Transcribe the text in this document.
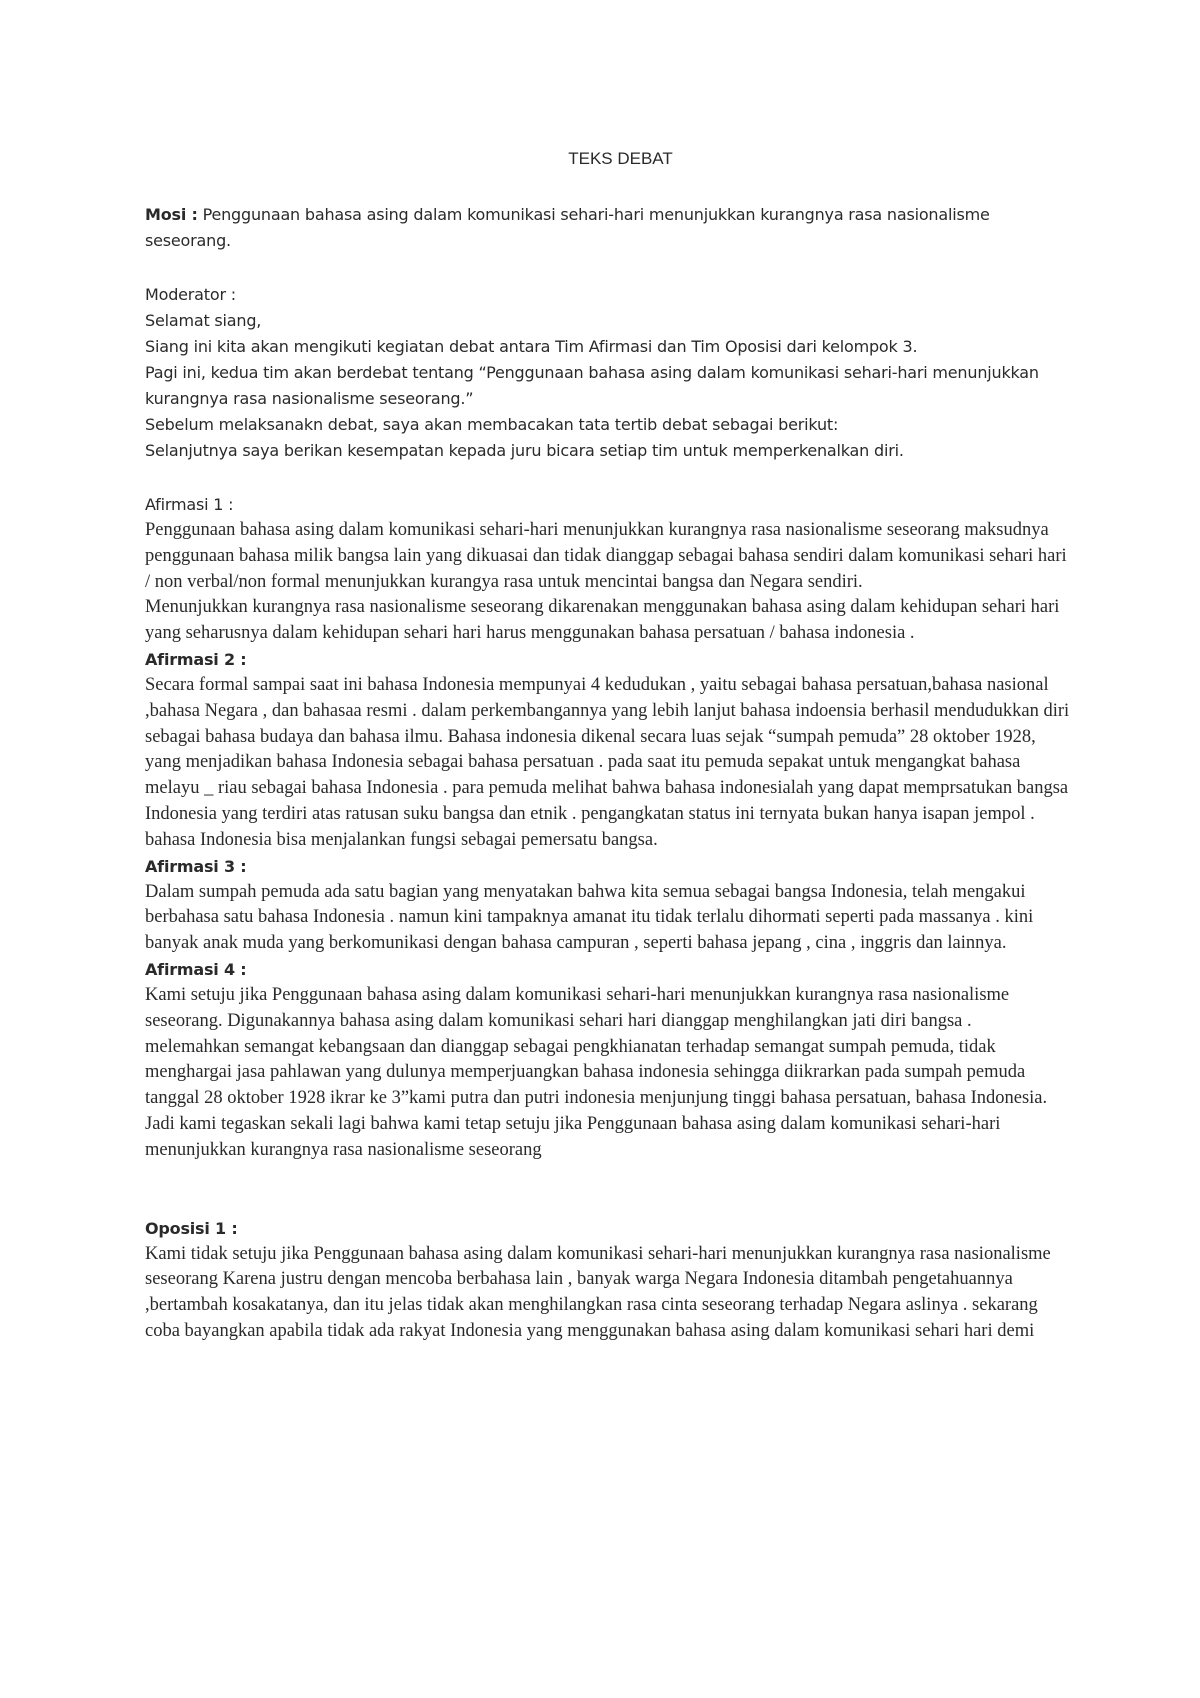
TEKS DEBAT

Mosi : Penggunaan bahasa asing dalam komunikasi sehari-hari menunjukkan kurangnya rasa nasionalisme seseorang.

Moderator :

Selamat siang,

Siang ini kita akan mengikuti kegiatan debat antara Tim Afirmasi dan Tim Oposisi dari kelompok 3.

Pagi ini, kedua tim akan berdebat tentang “Penggunaan bahasa asing dalam komunikasi sehari-hari menunjukkan kurangnya rasa nasionalisme seseorang.”

Sebelum melaksanakn debat, saya akan membacakan tata tertib debat sebagai berikut:

Selanjutnya saya berikan kesempatan kepada juru bicara setiap tim untuk memperkenalkan diri.

Afirmasi 1 :

Penggunaan bahasa asing dalam komunikasi sehari-hari menunjukkan kurangnya rasa nasionalisme seseorang maksudnya penggunaan bahasa milik bangsa lain yang dikuasai dan tidak dianggap sebagai bahasa sendiri dalam komunikasi sehari hari / non verbal/non formal menunjukkan kurangya rasa untuk mencintai bangsa dan Negara sendiri.

Menunjukkan kurangnya rasa nasionalisme seseorang dikarenakan menggunakan bahasa asing dalam kehidupan sehari hari yang seharusnya dalam kehidupan sehari hari harus menggunakan bahasa persatuan / bahasa indonesia .

Afirmasi 2 :

Secara formal sampai saat ini bahasa Indonesia mempunyai 4 kedudukan , yaitu sebagai bahasa persatuan,bahasa nasional ,bahasa Negara , dan bahasaa resmi . dalam perkembangannya yang lebih lanjut bahasa indoensia berhasil mendudukkan diri sebagai bahasa budaya dan bahasa ilmu. Bahasa indonesia dikenal secara luas sejak “sumpah pemuda” 28 oktober 1928, yang menjadikan bahasa Indonesia sebagai bahasa persatuan . pada saat itu pemuda sepakat untuk mengangkat bahasa melayu _ riau sebagai bahasa Indonesia . para pemuda melihat bahwa bahasa indonesialah yang dapat memprsatukan bangsa Indonesia yang terdiri atas ratusan suku bangsa dan etnik . pengangkatan status ini ternyata bukan hanya isapan jempol . bahasa Indonesia bisa menjalankan fungsi sebagai pemersatu bangsa.

Afirmasi 3 :

Dalam sumpah pemuda ada satu bagian yang menyatakan bahwa kita semua sebagai bangsa Indonesia, telah mengakui berbahasa satu bahasa Indonesia . namun kini tampaknya amanat itu tidak terlalu dihormati seperti pada massanya . kini banyak anak muda yang berkomunikasi dengan bahasa campuran , seperti bahasa jepang , cina , inggris dan lainnya.

Afirmasi 4 :

Kami setuju jika Penggunaan bahasa asing dalam komunikasi sehari-hari menunjukkan kurangnya rasa nasionalisme seseorang. Digunakannya bahasa asing dalam komunikasi sehari hari dianggap menghilangkan jati diri bangsa . melemahkan semangat kebangsaan dan dianggap sebagai pengkhianatan terhadap semangat sumpah pemuda, tidak menghargai jasa pahlawan yang dulunya memperjuangkan bahasa indonesia sehingga diikrarkan pada sumpah pemuda tanggal 28 oktober 1928 ikrar ke 3”kami putra dan putri indonesia menjunjung tinggi bahasa persatuan, bahasa Indonesia. Jadi kami tegaskan sekali lagi bahwa kami tetap setuju jika Penggunaan bahasa asing dalam komunikasi sehari-hari menunjukkan kurangnya rasa nasionalisme seseorang

Oposisi 1 :

Kami tidak setuju jika Penggunaan bahasa asing dalam komunikasi sehari-hari menunjukkan kurangnya rasa nasionalisme seseorang Karena justru dengan mencoba berbahasa lain , banyak warga Negara Indonesia ditambah pengetahuannya ,bertambah kosakatanya, dan itu jelas tidak akan menghilangkan rasa cinta seseorang terhadap Negara aslinya . sekarang coba bayangkan apabila tidak ada rakyat Indonesia yang menggunakan bahasa asing dalam komunikasi sehari hari demi
